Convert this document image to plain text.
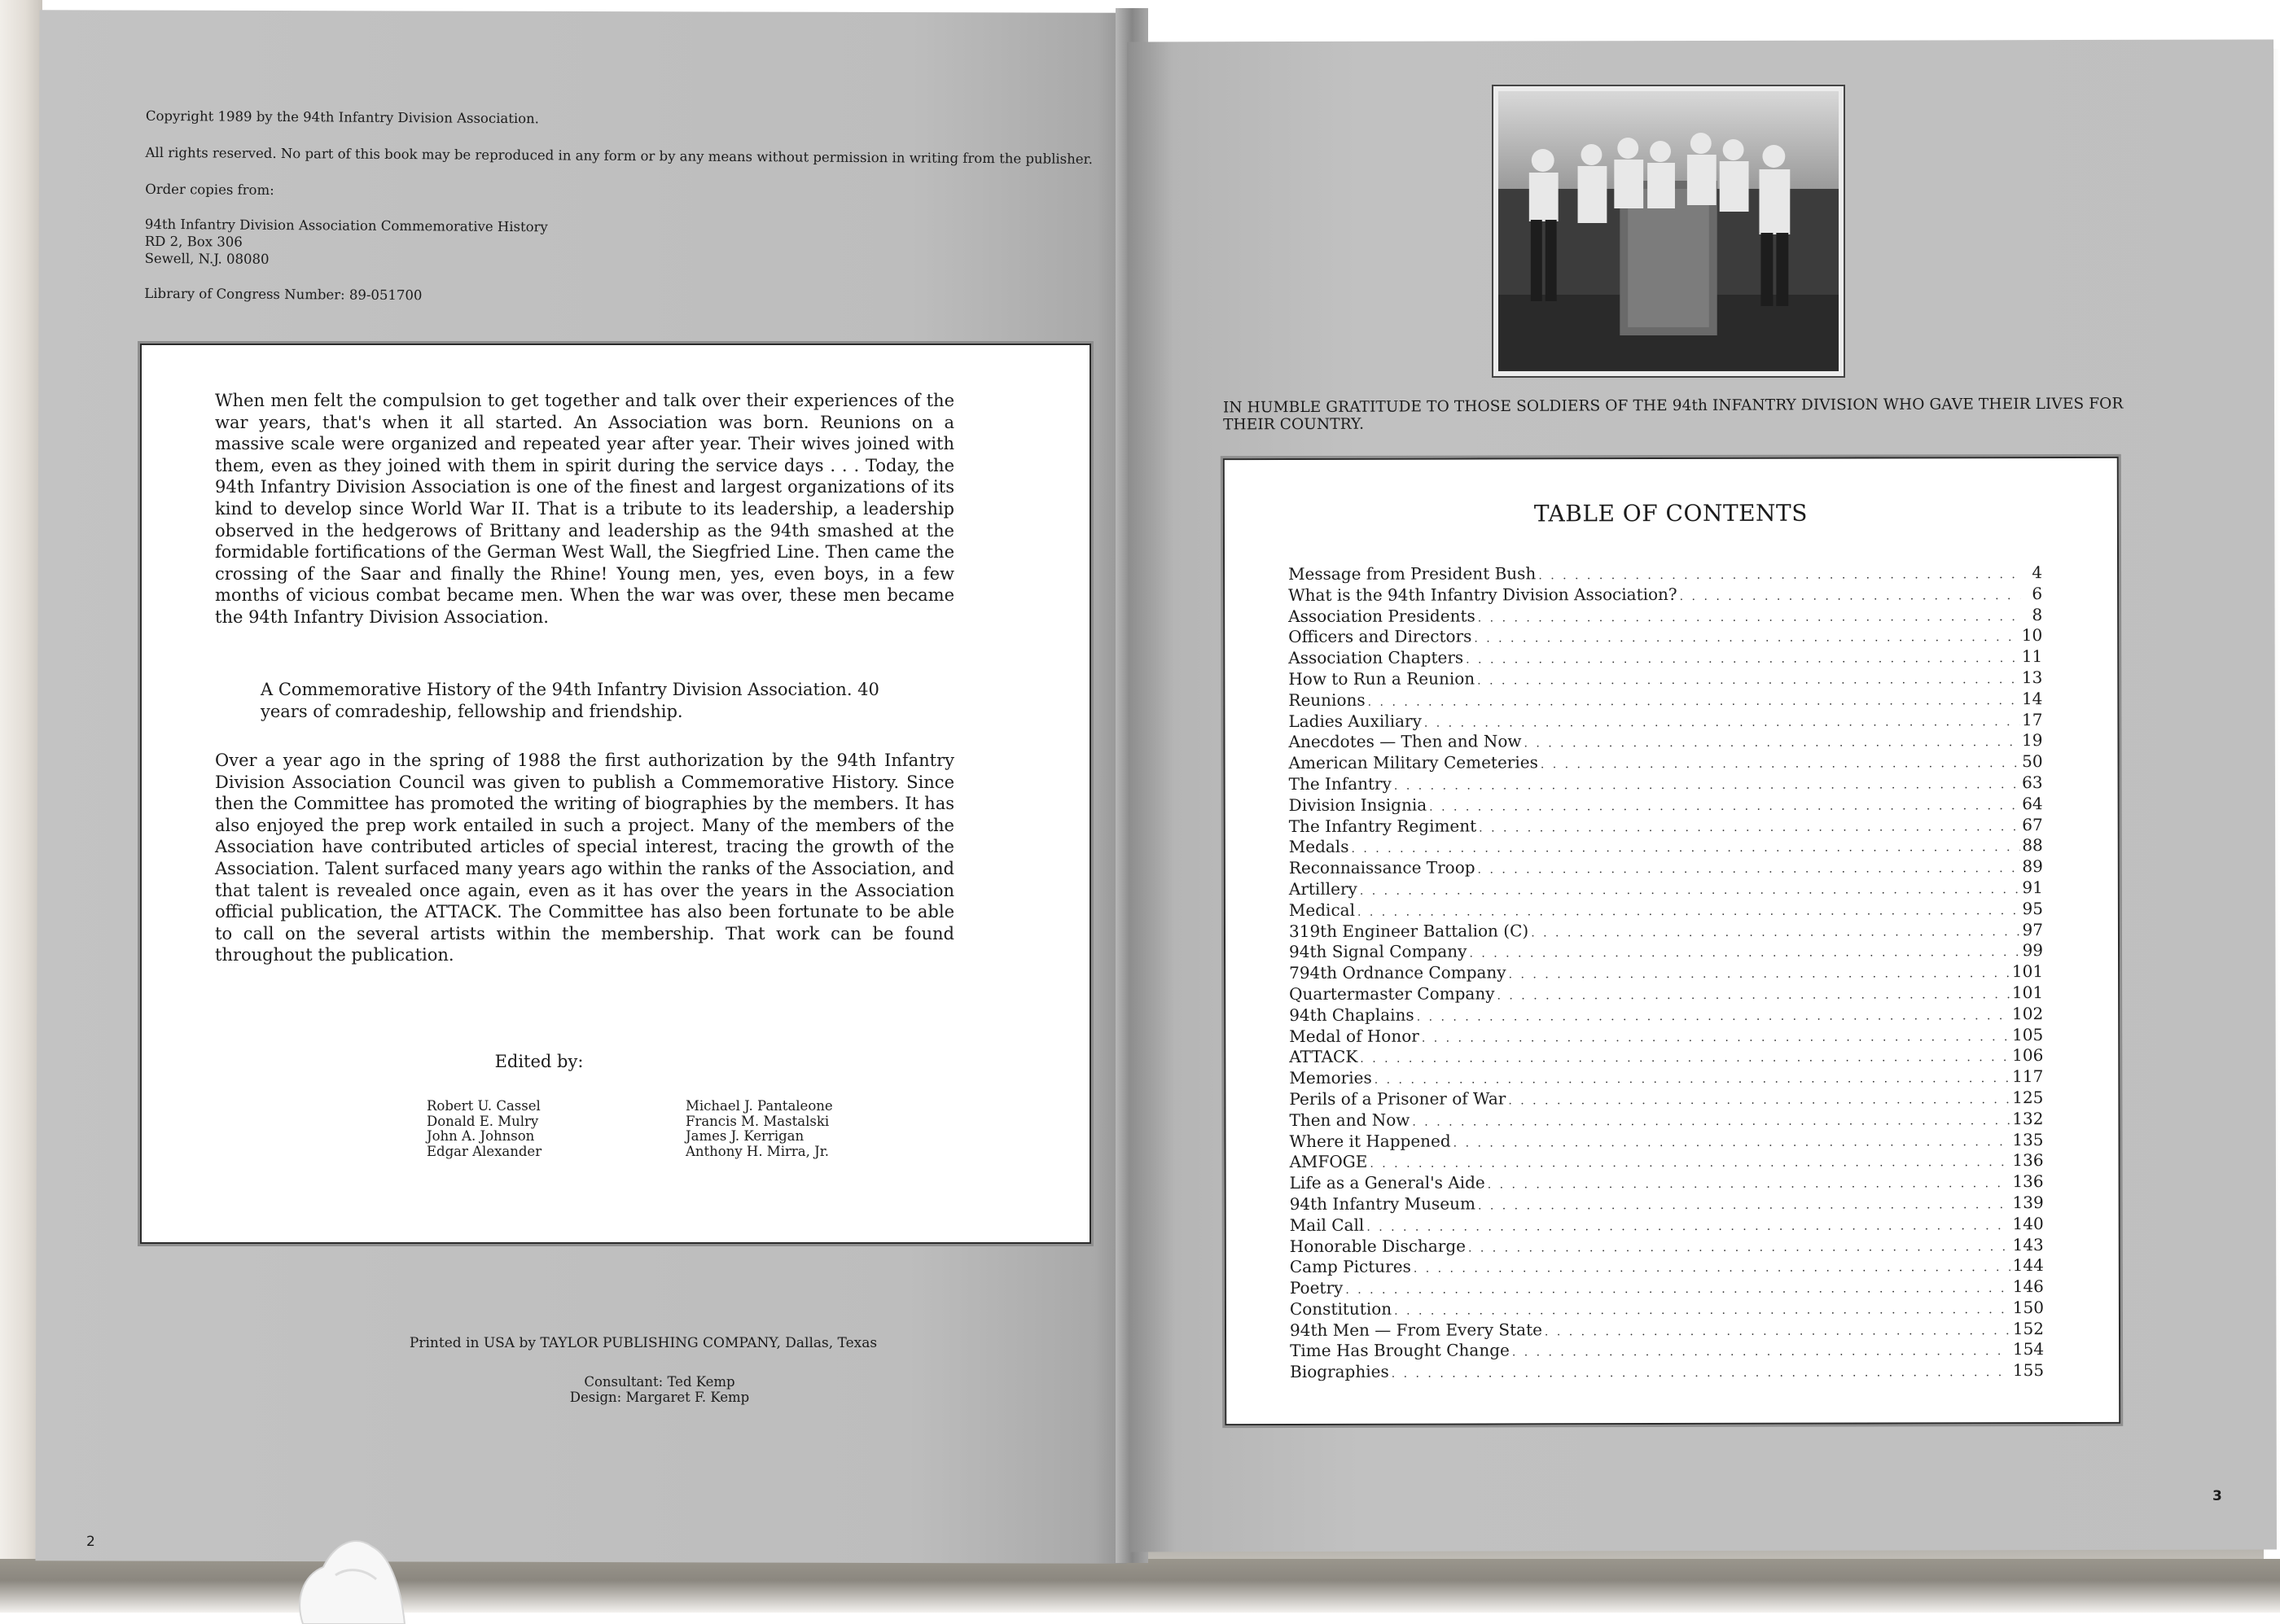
Copyright 1989 by the 94th Infantry Division Association.

All rights reserved. No part of this book may be reproduced in any form or by any means without permission in writing from the publisher.

Order copies from:

94th Infantry Division Association Commemorative History
RD 2, Box 306
Sewell, N.J. 08080

Library of Congress Number: 89-051700

When men felt the compulsion to get together and talk over their experiences of the war years, that's when it all started. An Association was born. Reunions on a massive scale were organized and repeated year after year. Their wives joined with them, even as they joined with them in spirit during the service days . . . Today, the 94th Infantry Division Association is one of the finest and largest organizations of its kind to develop since World War II. That is a tribute to its leadership, a leadership observed in the hedgerows of Brittany and leadership as the 94th smashed at the formidable fortifications of the German West Wall, the Siegfried Line. Then came the crossing of the Saar and finally the Rhine! Young men, yes, even boys, in a few months of vicious combat became men. When the war was over, these men became the 94th Infantry Division Association.

A Commemorative History of the 94th Infantry Division Association. 40 years of comradeship, fellowship and friendship.

Over a year ago in the spring of 1988 the first authorization by the 94th Infantry Division Association Council was given to publish a Commemorative History. Since then the Committee has promoted the writing of biographies by the members. It has also enjoyed the prep work entailed in such a project. Many of the members of the Association have contributed articles of special interest, tracing the growth of the Association. Talent surfaced many years ago within the ranks of the Association, and that talent is revealed once again, even as it has over the years in the Association official publication, the ATTACK. The Committee has also been fortunate to be able to call on the several artists within the membership. That work can be found throughout the publication.

Edited by:
Robert U. Cassel
Donald E. Mulry
John A. Johnson
Edgar Alexander
Michael J. Pantaleone
Francis M. Mastalski
James J. Kerrigan
Anthony H. Mirra, Jr.
Printed in USA by TAYLOR PUBLISHING COMPANY, Dallas, Texas
Consultant: Ted Kemp
Design: Margaret F. Kemp
2
IN HUMBLE GRATITUDE TO THOSE SOLDIERS OF THE 94th INFANTRY DIVISION WHO GAVE THEIR LIVES FOR THEIR COUNTRY.
TABLE OF CONTENTS
Message from President Bush . . .	4
What is the 94th Infantry Division Association? . . .	6
Association Presidents . . .	8
Officers and Directors . . .	10
Association Chapters . . .	11
How to Run a Reunion . . .	13
Reunions . . .	14
Ladies Auxiliary . . .	17
Anecdotes — Then and Now . . .	19
American Military Cemeteries . . .	50
The Infantry . . .	63
Division Insignia . . .	64
The Infantry Regiment . . .	67
Medals . . .	88
Reconnaissance Troop . . .	89
Artillery . . .	91
Medical . . .	95
319th Engineer Battalion (C) . . .	97
94th Signal Company . . .	99
794th Ordnance Company . . .	101
Quartermaster Company . . .	101
94th Chaplains . . .	102
Medal of Honor . . .	105
ATTACK . . .	106
Memories . . .	117
Perils of a Prisoner of War . . .	125
Then and Now . . .	132
Where it Happened . . .	135
AMFOGE . . .	136
Life as a General's Aide . . .	136
94th Infantry Museum . . .	139
Mail Call . . .	140
Honorable Discharge . . .	143
Camp Pictures . . .	144
Poetry . . .	146
Constitution . . .	150
94th Men — From Every State . . .	152
Time Has Brought Change . . .	154
Biographies . . .	155
3
